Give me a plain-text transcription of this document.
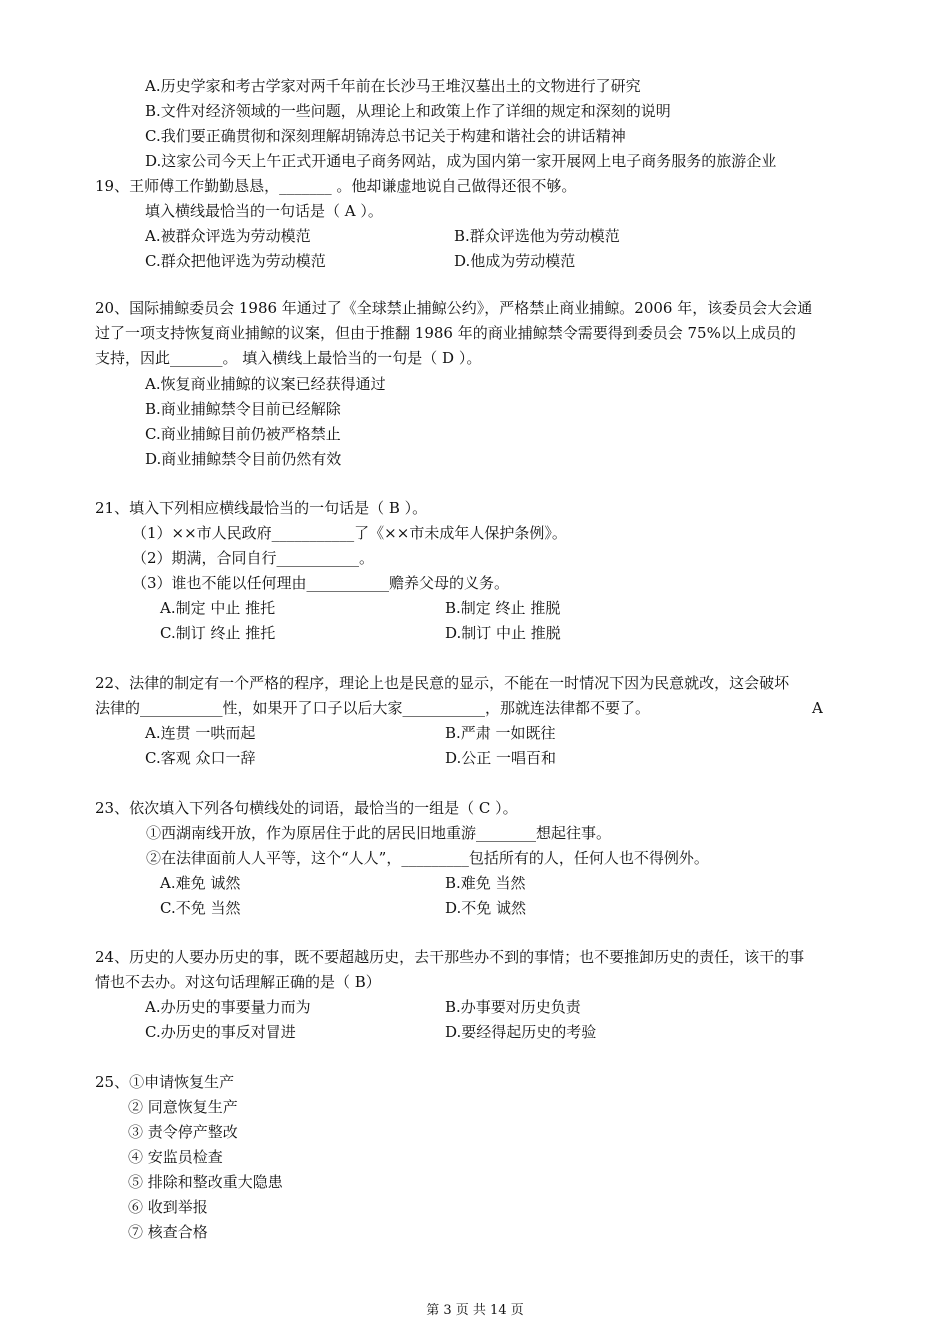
A.历史学家和考古学家对两千年前在长沙马王堆汉墓出土的文物进行了研究
B.文件对经济领域的一些问题，从理论上和政策上作了详细的规定和深刻的说明
C.我们要正确贯彻和深刻理解胡锦涛总书记关于构建和谐社会的讲话精神
D.这家公司今天上午正式开通电子商务网站，成为国内第一家开展网上电子商务服务的旅游企业
19、王师傅工作勤勤恳恳，_______ 。他却谦虚地说自己做得还很不够。
填入横线最恰当的一句话是（ A ）。
A.被群众评选为劳动模范	B.群众评选他为劳动模范
C.群众把他评选为劳动模范	D.他成为劳动模范
20、国际捕鲸委员会 1986 年通过了《全球禁止捕鲸公约》，严格禁止商业捕鲸。2006 年，该委员会大会通
过了一项支持恢复商业捕鲸的议案，但由于推翻 1986 年的商业捕鲸禁令需要得到委员会 75%以上成员的
支持，因此_______。 填入横线上最恰当的一句是（ D ）。
A.恢复商业捕鲸的议案已经获得通过
B.商业捕鲸禁令目前已经解除
C.商业捕鲸目前仍被严格禁止
D.商业捕鲸禁令目前仍然有效
21、填入下列相应横线最恰当的一句话是（ B ）。
（1）××市人民政府___________了《××市未成年人保护条例》。
（2）期满，合同自行___________。
（3）谁也不能以任何理由___________赡养父母的义务。
A.制定 中止 推托	B.制定 终止 推脱
C.制订 终止 推托	D.制订 中止 推脱
22、法律的制定有一个严格的程序，理论上也是民意的显示，不能在一时情况下因为民意就改，这会破坏
法律的___________性，如果开了口子以后大家___________，那就连法律都不要了。	A
A.连贯 一哄而起	B.严肃 一如既往
C.客观 众口一辞	D.公正 一唱百和
23、依次填入下列各句横线处的词语，最恰当的一组是（ C ）。
①西湖南线开放，作为原居住于此的居民旧地重游________想起往事。
②在法律面前人人平等，这个“人人”，_________包括所有的人，任何人也不得例外。
A.难免 诚然	B.难免 当然
C.不免 当然	D.不免 诚然
24、历史的人要办历史的事，既不要超越历史，去干那些办不到的事情；也不要推卸历史的责任，该干的事
情也不去办。对这句话理解正确的是（ B）
A.办历史的事要量力而为	B.办事要对历史负责
C.办历史的事反对冒进	D.要经得起历史的考验
25、①申请恢复生产
② 同意恢复生产
③ 责令停产整改
④ 安监员检查
⑤ 排除和整改重大隐患
⑥ 收到举报
⑦ 核查合格
第 3 页 共 14 页
